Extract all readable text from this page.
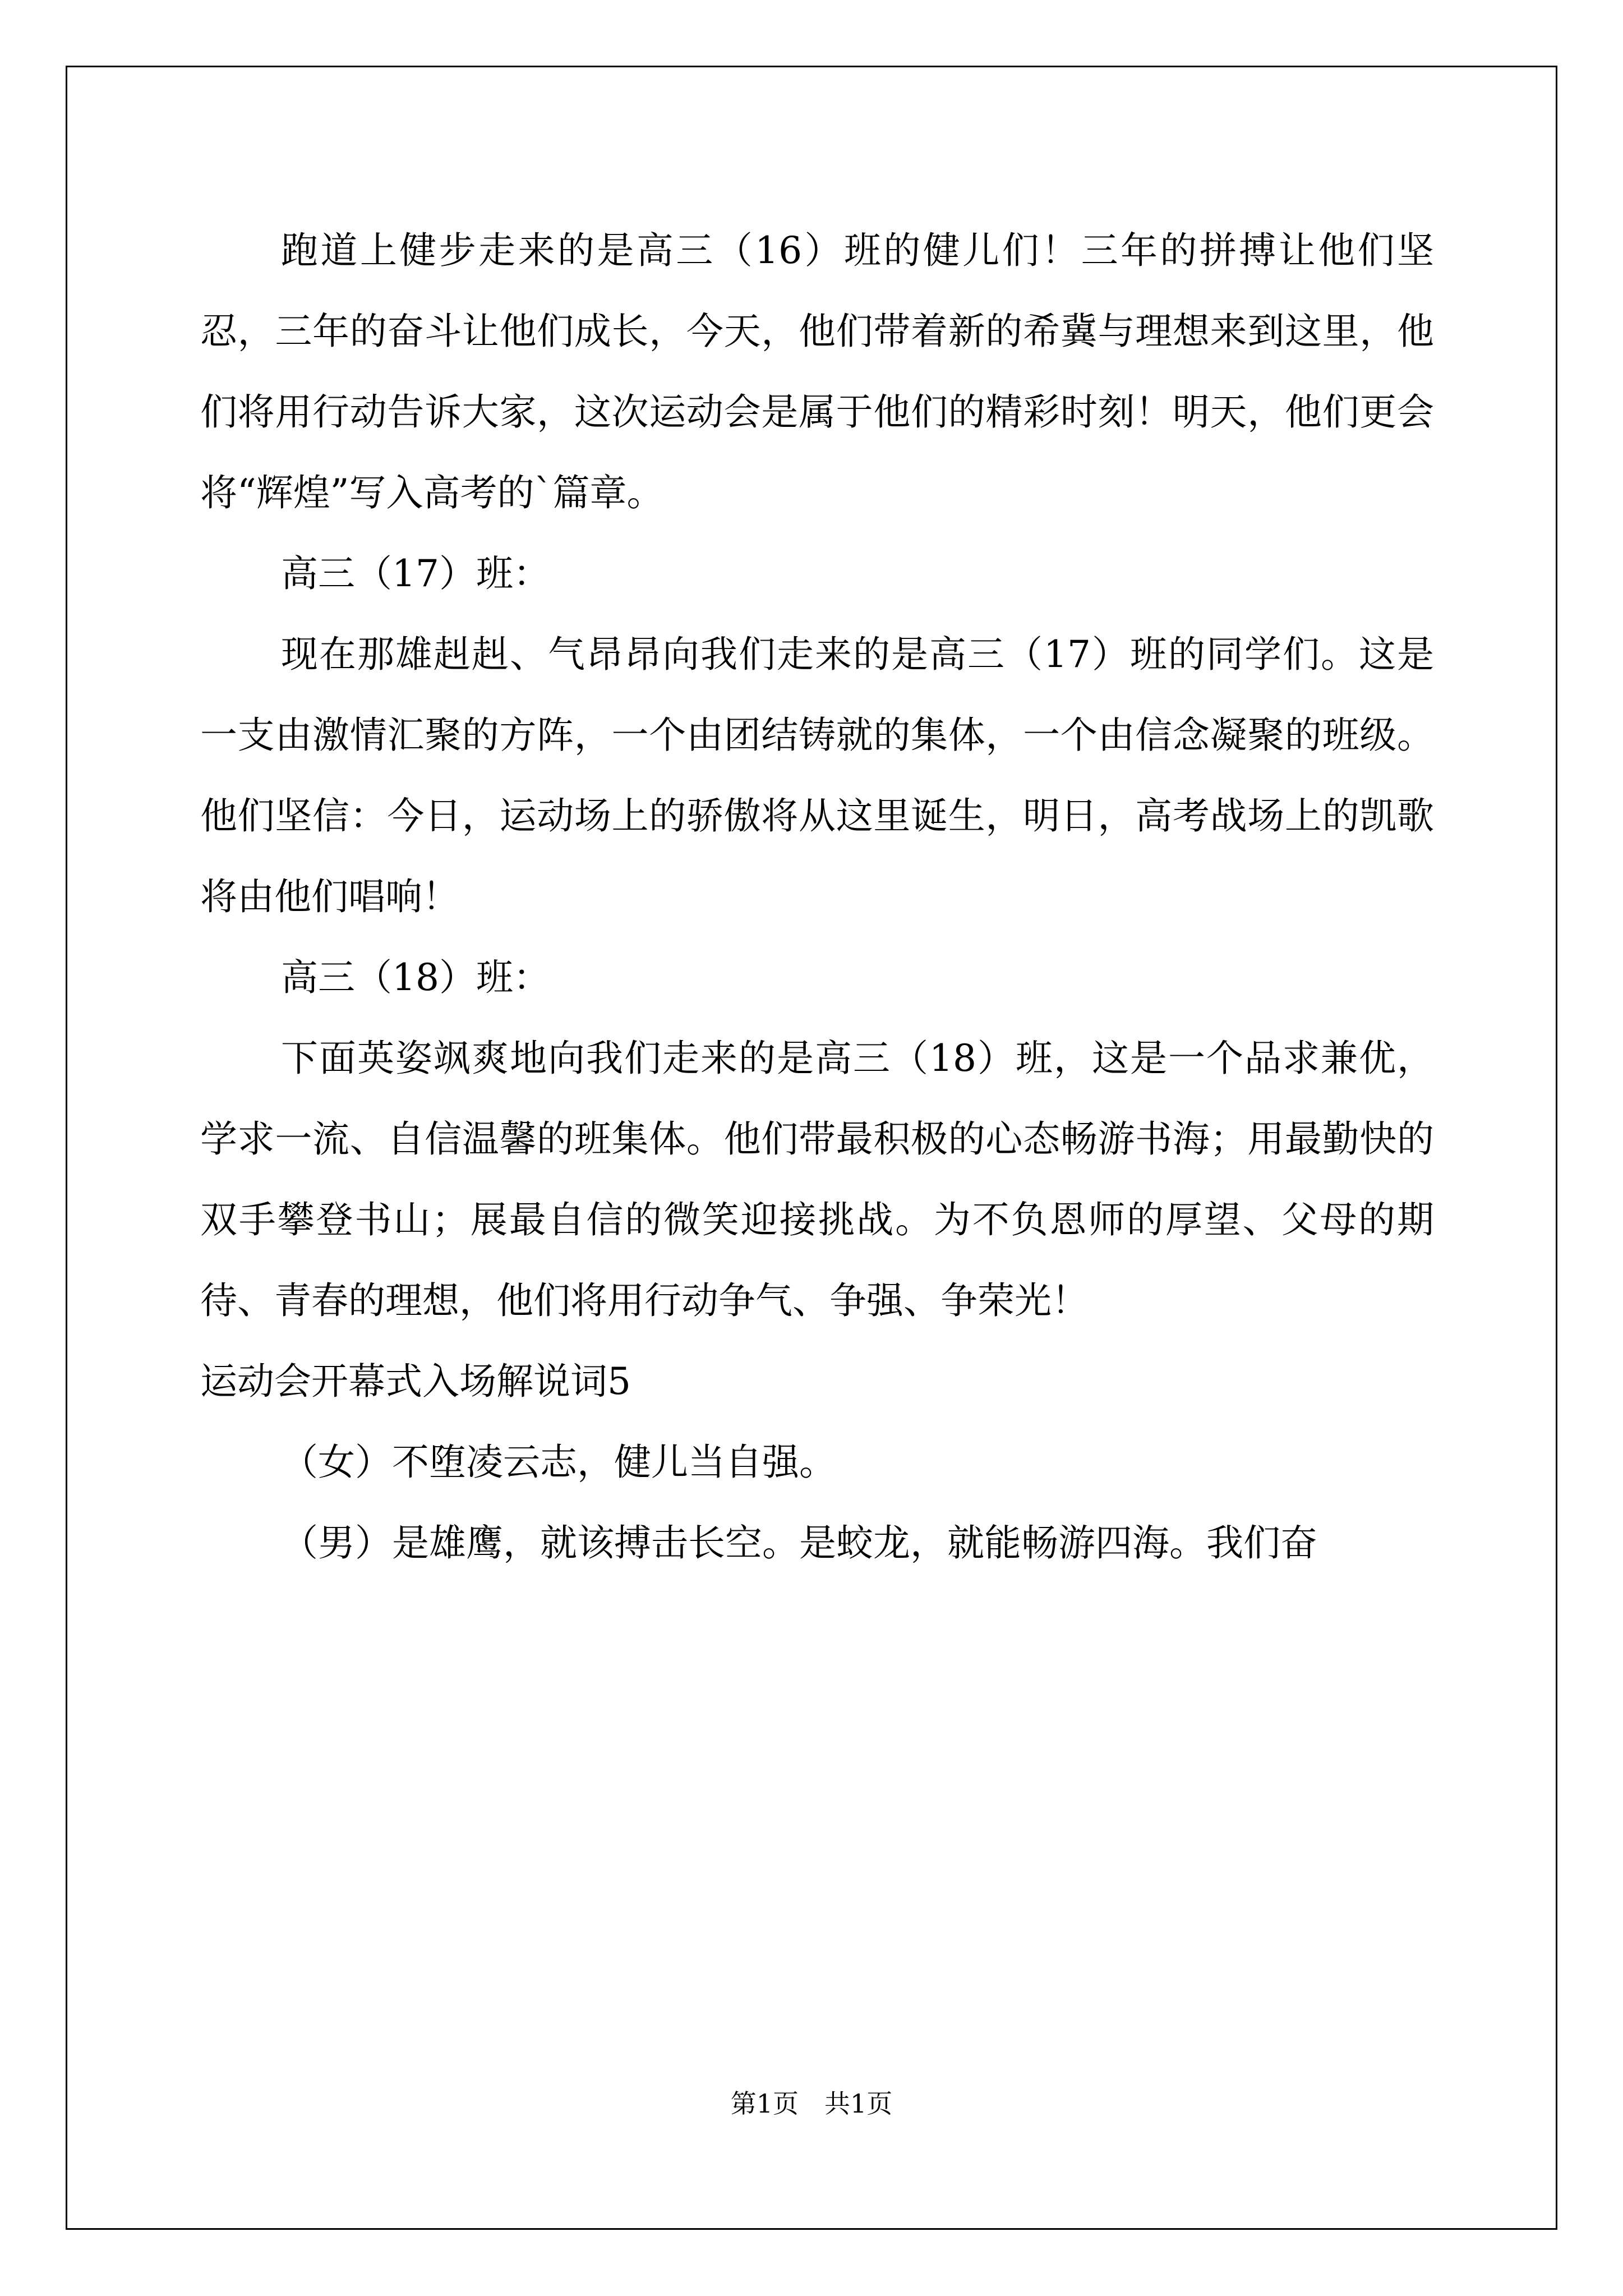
跑道上健步走来的是高三（16）班的健儿们！三年的拼搏让他们坚忍，三年的奋斗让他们成长，今天，他们带着新的希冀与理想来到这里，他们将用行动告诉大家，这次运动会是属于他们的精彩时刻！明天，他们更会将“辉煌”写入高考的`篇章。

高三（17）班：

现在那雄赳赳、气昂昂向我们走来的是高三（17）班的同学们。这是一支由激情汇聚的方阵，一个由团结铸就的集体，一个由信念凝聚的班级。他们坚信：今日，运动场上的骄傲将从这里诞生，明日，高考战场上的凯歌将由他们唱响！

高三（18）班：

下面英姿飒爽地向我们走来的是高三（18）班，这是一个品求兼优，学求一流、自信温馨的班集体。他们带最积极的心态畅游书海；用最勤快的双手攀登书山；展最自信的微笑迎接挑战。为不负恩师的厚望、父母的期待、青春的理想，他们将用行动争气、争强、争荣光！

运动会开幕式入场解说词5

（女）不堕凌云志，健儿当自强。

（男）是雄鹰，就该搏击长空。是蛟龙，就能畅游四海。我们奋

第1页　共1页
